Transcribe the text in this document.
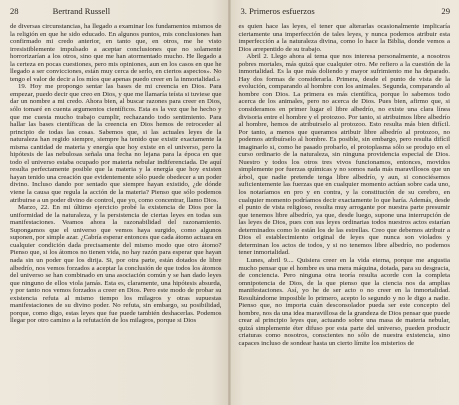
28	Bertrand Russell

de diversas circunstancias, ha llegado a examinar los fundamentos mismos de la religión en que he sido educado. En algunos puntos, mis conclusiones han confirmado mi credo anterior, en tanto que, en otros, me he visto irresistiblemente impulsado a aceptar conclusiones que no solamente horrorizarían a los otros, sino que me han atormentado mucho. He llegado a la certeza en pocas cuestiones, pero mis opiniones, aun en los casos en que he llegado a ser convicciones, están muy cerca de serlo, en ciertos aspectos». No tengo el valor de decir a los míos que apenas puedo creer en la inmortalidad.»

19. Hoy me propongo sentar las bases de mi creencia en Dios. Para empezar, puedo decir que creo en Dios, y que me llamaría teísta si tuviese que dar un nombre a mi credo. Ahora bien, al buscar razones para creer en Dios, sólo tomaré en cuenta argumentos científicos. Esta es la vez que he hecho y que me cuesta mucho trabajo cumplir, rechazando todo sentimiento. Para hallar las bases científicas de la creencia en Dios hemos de retroceder al principio de todas las cosas. Sabemos que, si las actuales leyes de la naturaleza han regido siempre, siempre ha tenido que existir exactamente la misma cantidad de materia y energía que hoy existe en el universo, pero la hipótesis de las nebulosas señala una fecha no lejana para la época en que todo el universo estaba ocupado por materia nebular indiferenciada. De aquí resulta perfectamente posible que la materia y la energía que hoy existen hayan tenido una creación que evidentemente sólo puede obedecer a un poder divino. Incluso dando por sentado que siempre hayan existido, ¿de dónde viene la causa que regula la acción de la materia? Pienso que sólo podemos atribuirse a un poder divino de control, que yo, como concentrar, llamo Dios.

Marzo, 22. En mi último ejercicio probé la existencia de Dios por la uniformidad de la naturaleza, y la persistencia de ciertas leyes en todas sus manifestaciones. Veamos ahora la razonabilidad del razonamiento. Supongamos que el universo que vemos haya surgido, como algunos suponen, por simple azar. ¿Cabría esperar entonces que cada átomo actuara en cualquier condición dada precisamente del mismo modo que otro átomo? Pienso que, si los átomos no tienen vida, no hay razón para esperar que hayan nada sin un poder que los dirija. Si, por otra parte, están dotados de libre albedrío, nos vemos forzados a aceptar la conclusión de que todos los átomos del universo se han combinado en una asociación común y se han dado leyes que ninguno de ellos viola jamás. Esta es, claramente, una hipótesis absurda, y por tanto nos vemos forzados a creer en Dios. Pero este modo de probar su existencia refuta al mismo tiempo los milagros y otras supuestas manifestaciones de su divino poder. No refuta, sin embargo, su posibilidad, porque, como digo, estas leyes que fue puede también deshacerlas. Podemos llegar por otro camino a la refutación de los milagros, porque si Dios

3. Primeros esfuerzos	29

es quien hace las leyes, el tener que alterarlas ocasionalmente implicaría ciertamente una imperfección de tales leyes, y nunca podemos atribuir esta imperfección a la naturaleza divina, como lo hace la Biblia, donde vemos a Dios arrepentido de su trabajo.

Abril 2. Llego ahora al tema que nos interesa personalmente, a nosotros pobres mortales, más quizá que cualquier otro. Me refiero a la cuestión de la inmortalidad. Es la que más doliendo y mayor sufrimiento me ha deparado. Hay dos formas de considerarla. Primera, desde el punto de vista de la evolución, comparando al hombre con los animales. Segunda, comparando al hombre con Dios. La primera es más científica, porque lo sabemos todo acerca de los animales, pero no acerca de Dios. Pues bien, afirmo que, si consideramos en primer lugar el libre albedrío, no existe una clara línea divisoria entre el hombre y el protozoo. Por tanto, si atribuimos libre albedrío al hombre, hemos de atribuirselo al protozoo. Esto resulta más bien difícil. Por tanto, a menos que queramos atribuir libre albedrío al protozoo, no podemos atribuírselo al hombre. Es posible, sin embargo, pero resulta difícil imaginarlo si, como he pasado probarlo, el protoplasma sólo se produjo en el curso ordinario de la naturaleza, sin ninguna providencia especial de Dios. Nuestro y todos los otros tres vivos funcionamos, entonces, movidos simplemente por fuerzas químicas y no somos nada más maravillosos que un árbol, que nadie pretende tenga libre albedrío, y aun, si conociésemos suficientemente las fuerzas que en cualquier momento actúan sobre cada uno, los notaríamos en pro y en contra, y la constitución de su cerebro, en cualquier momento podríamos decir exactamente lo que haría. Además, desde el punto de vista religioso, resulta muy arrogante por nuestra parte presumir que tenemos libre albedrío, ya que, desde luego, supone una interrupción de las leyes de Dios, pues con sus leyes ordinarias todos nuestros actos estarían determinados como lo están los de las estrellas. Creo que debemos atribuir a Dios el establecimiento original de leyes que nunca son violados y determinan los actos de todos, y si no tenemos libre albedrío, no podemos tener inmortalidad.

Lunes, abril 9.... Quisiera creer en la vida eterna, porque me angustia mucho pensar que el hombre es una mera máquina, dotada, para su desgracia, de conciencia. Pero ninguna otra teoría resulta acorde con la completa omnipotencia de Dios, de la que pienso que la ciencia nos da amplias manifestaciones. Así, yo he de ser acto o no creer en la inmortalidad. Resultándome imposible lo primero, acepto lo segundo y no le digo a nadie. Pienso que, no importa cuán desconsolador pueda ser este concepto del hombre, nos da una idea maravillosa de la grandeza de Dios pensar que puede crear al principio leyes que, actuando sobre una masa de materia nebular, quizá simplemente éter difuso por esta parte del universo, pueden producir criaturas como nosotros, conscientes no sólo de nuestra existencia, sino capaces incluso de sondear hasta un cierto límite los misterios de
